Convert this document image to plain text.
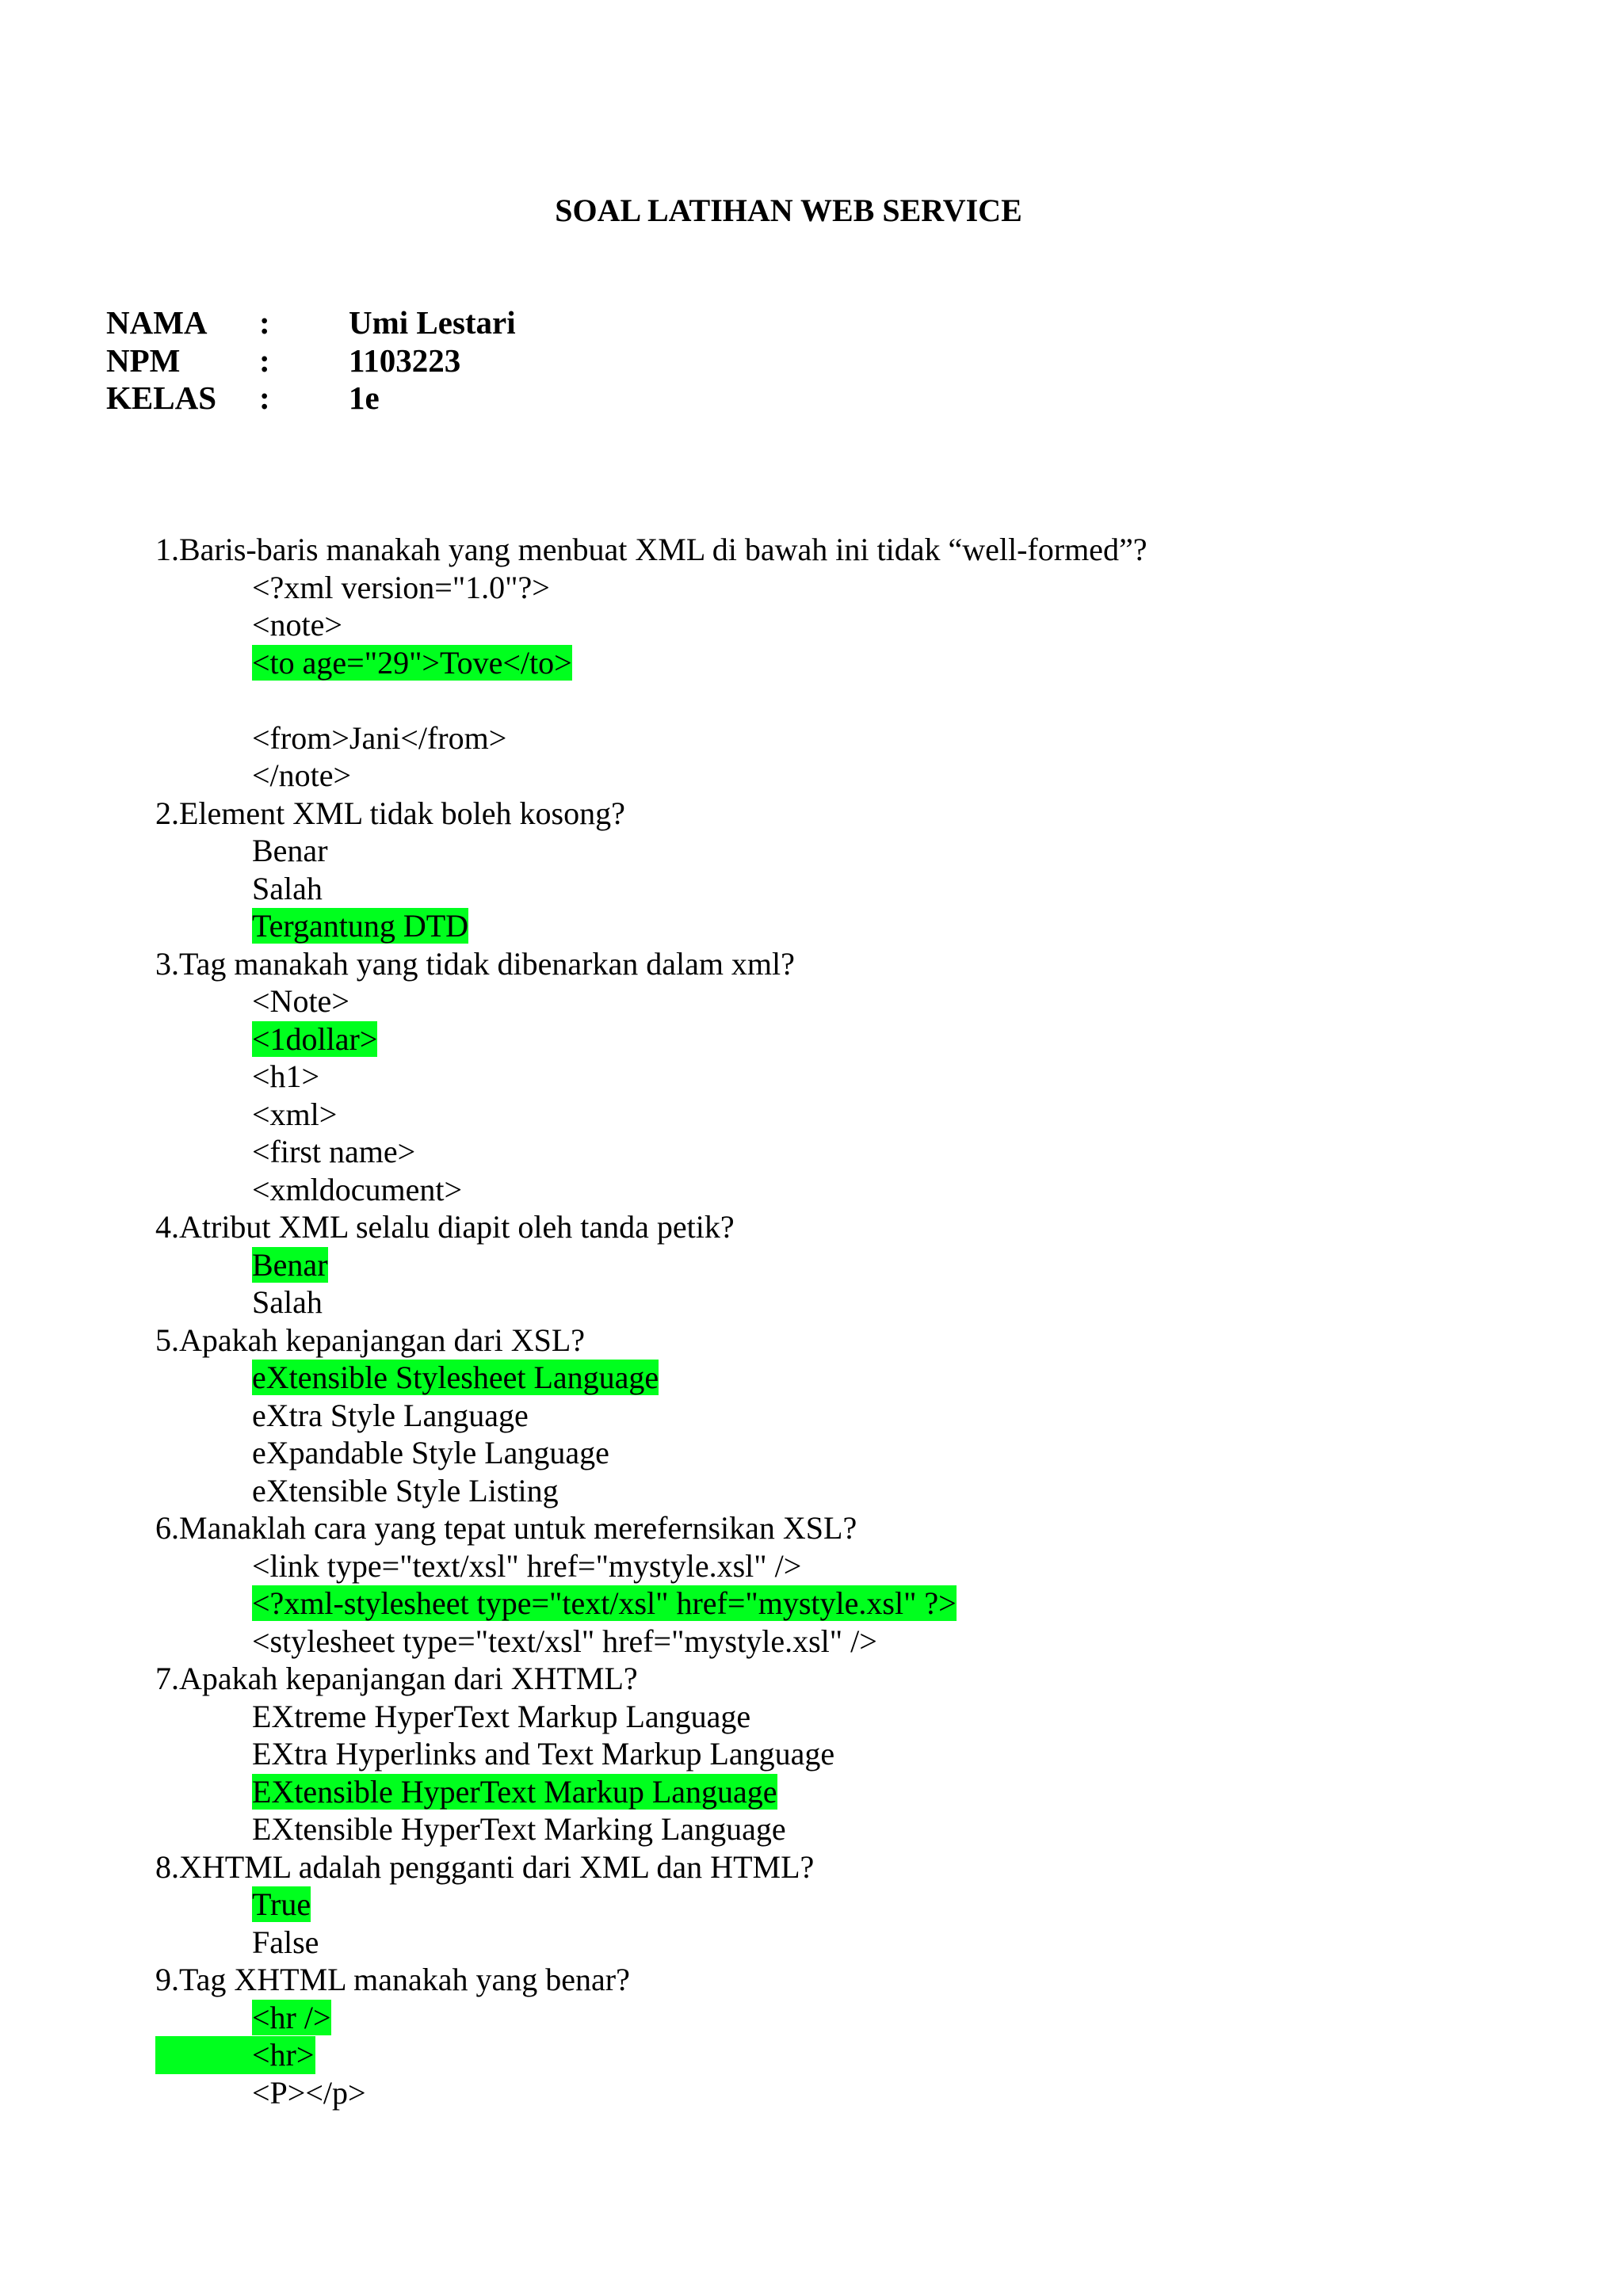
SOAL LATIHAN WEB SERVICE
NAMA : Umi Lestari
NPM : 1103223
KELAS : 1e
1.Baris-baris manakah yang menbuat XML di bawah ini tidak “well-formed”?
<?xml version="1.0"?>
<note>
<to age="29">Tove</to>
<from>Jani</from>
</note>
2.Element XML tidak boleh kosong?
Benar
Salah
Tergantung DTD
3.Tag manakah yang tidak dibenarkan dalam xml?
<Note>
<1dollar>
<h1>
<xml>
<first name>
<xmldocument>
4.Atribut XML selalu diapit oleh tanda petik?
Benar
Salah
5.Apakah kepanjangan dari XSL?
eXtensible Stylesheet Language
eXtra Style Language
eXpandable Style Language
eXtensible Style Listing
6.Manaklah cara yang tepat untuk merefernsikan XSL?
<link type="text/xsl" href="mystyle.xsl" />
<?xml-stylesheet type="text/xsl" href="mystyle.xsl" ?>
<stylesheet type="text/xsl" href="mystyle.xsl" />
7.Apakah kepanjangan dari XHTML?
EXtreme HyperText Markup Language
EXtra Hyperlinks and Text Markup Language
EXtensible HyperText Markup Language
EXtensible HyperText Marking Language
8.XHTML adalah pengganti dari XML dan HTML?
True
False
9.Tag XHTML manakah yang benar?
<hr />
<hr>
<P></p>
